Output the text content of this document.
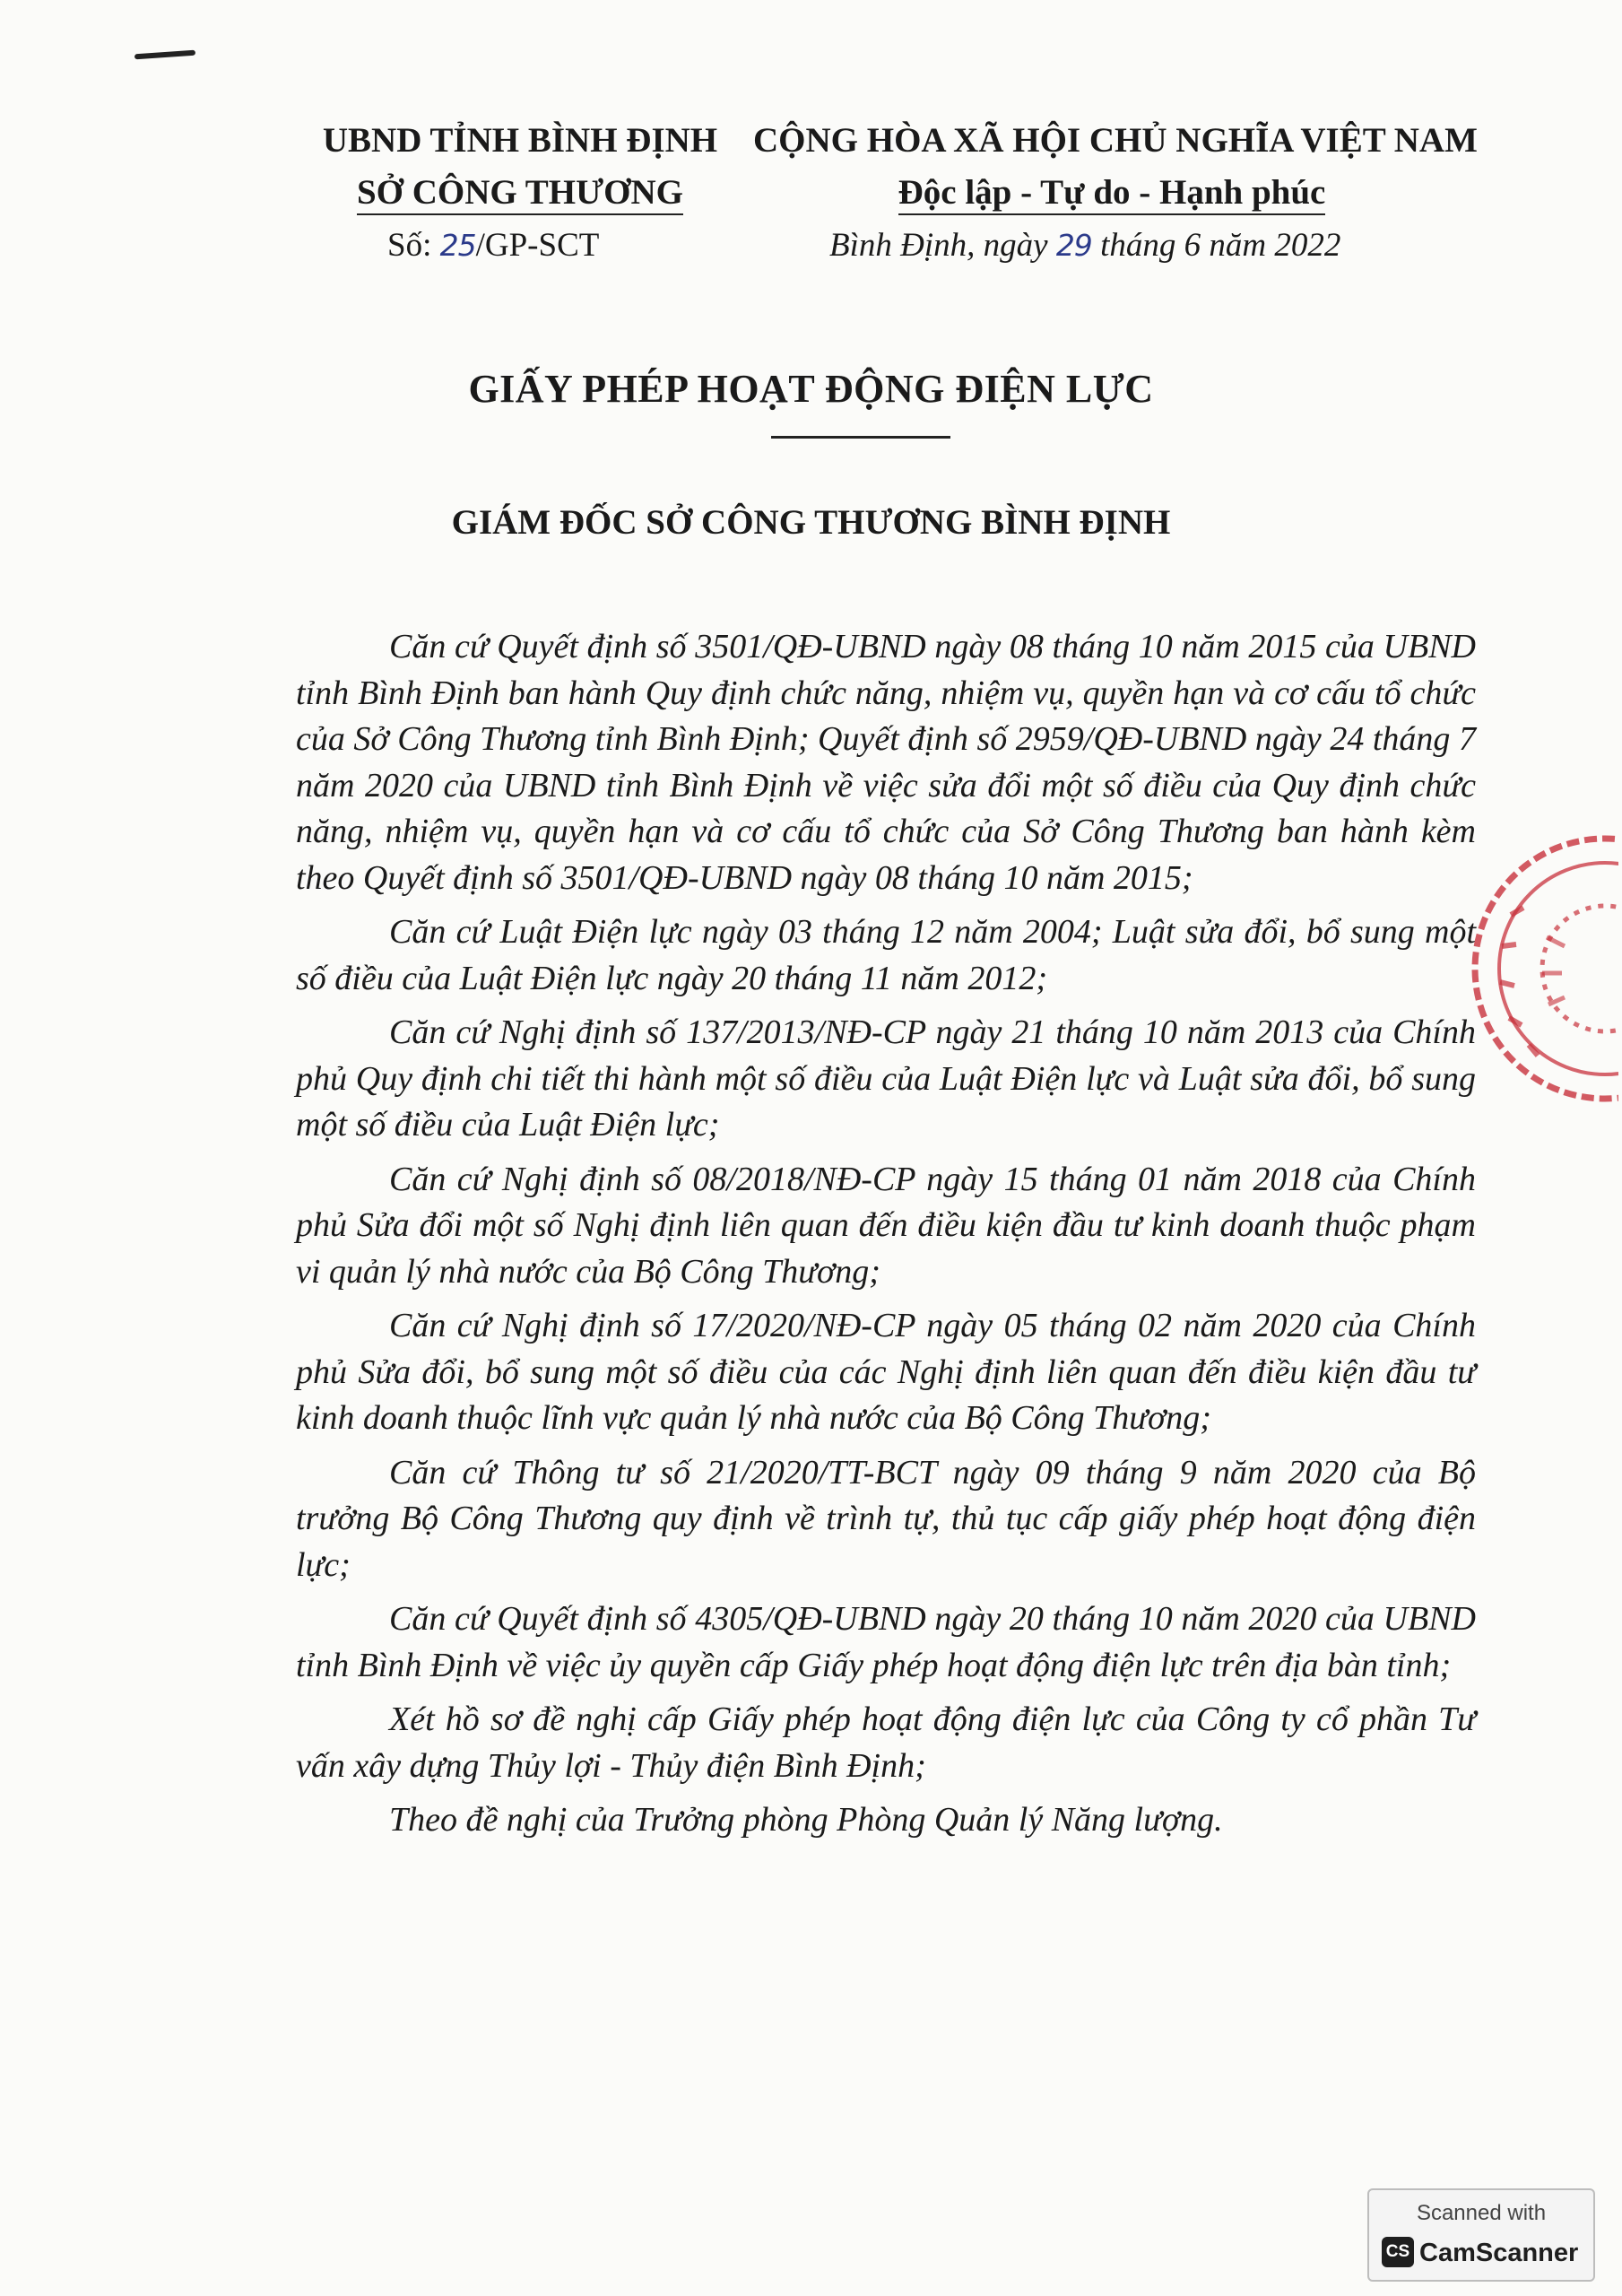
UBND TỈNH BÌNH ĐỊNH
SỞ CÔNG THƯƠNG
CỘNG HÒA XÃ HỘI CHỦ NGHĨA VIỆT NAM
Độc lập - Tự do - Hạnh phúc
Số: 25/GP-SCT	Bình Định, ngày 29 tháng 6 năm 2022
GIẤY PHÉP HOẠT ĐỘNG ĐIỆN LỰC
GIÁM ĐỐC SỞ CÔNG THƯƠNG BÌNH ĐỊNH

Căn cứ Quyết định số 3501/QĐ-UBND ngày 08 tháng 10 năm 2015 của UBND tỉnh Bình Định ban hành Quy định chức năng, nhiệm vụ, quyền hạn và cơ cấu tổ chức của Sở Công Thương tỉnh Bình Định; Quyết định số 2959/QĐ-UBND ngày 24 tháng 7 năm 2020 của UBND tỉnh Bình Định về việc sửa đổi một số điều của Quy định chức năng, nhiệm vụ, quyền hạn và cơ cấu tổ chức của Sở Công Thương ban hành kèm theo Quyết định số 3501/QĐ-UBND ngày 08 tháng 10 năm 2015;

Căn cứ Luật Điện lực ngày 03 tháng 12 năm 2004; Luật sửa đổi, bổ sung một số điều của Luật Điện lực ngày 20 tháng 11 năm 2012;

Căn cứ Nghị định số 137/2013/NĐ-CP ngày 21 tháng 10 năm 2013 của Chính phủ Quy định chi tiết thi hành một số điều của Luật Điện lực và Luật sửa đổi, bổ sung một số điều của Luật Điện lực;

Căn cứ Nghị định số 08/2018/NĐ-CP ngày 15 tháng 01 năm 2018 của Chính phủ Sửa đổi một số Nghị định liên quan đến điều kiện đầu tư kinh doanh thuộc phạm vi quản lý nhà nước của Bộ Công Thương;

Căn cứ Nghị định số 17/2020/NĐ-CP ngày 05 tháng 02 năm 2020 của Chính phủ Sửa đổi, bổ sung một số điều của các Nghị định liên quan đến điều kiện đầu tư kinh doanh thuộc lĩnh vực quản lý nhà nước của Bộ Công Thương;

Căn cứ Thông tư số 21/2020/TT-BCT ngày 09 tháng 9 năm 2020 của Bộ trưởng Bộ Công Thương quy định về trình tự, thủ tục cấp giấy phép hoạt động điện lực;

Căn cứ Quyết định số 4305/QĐ-UBND ngày 20 tháng 10 năm 2020 của UBND tỉnh Bình Định về việc ủy quyền cấp Giấy phép hoạt động điện lực trên địa bàn tỉnh;

Xét hồ sơ đề nghị cấp Giấy phép hoạt động điện lực của Công ty cổ phần Tư vấn xây dựng Thủy lợi - Thủy điện Bình Định;

Theo đề nghị của Trưởng phòng Phòng Quản lý Năng lượng.

Scanned with
CS CamScanner
